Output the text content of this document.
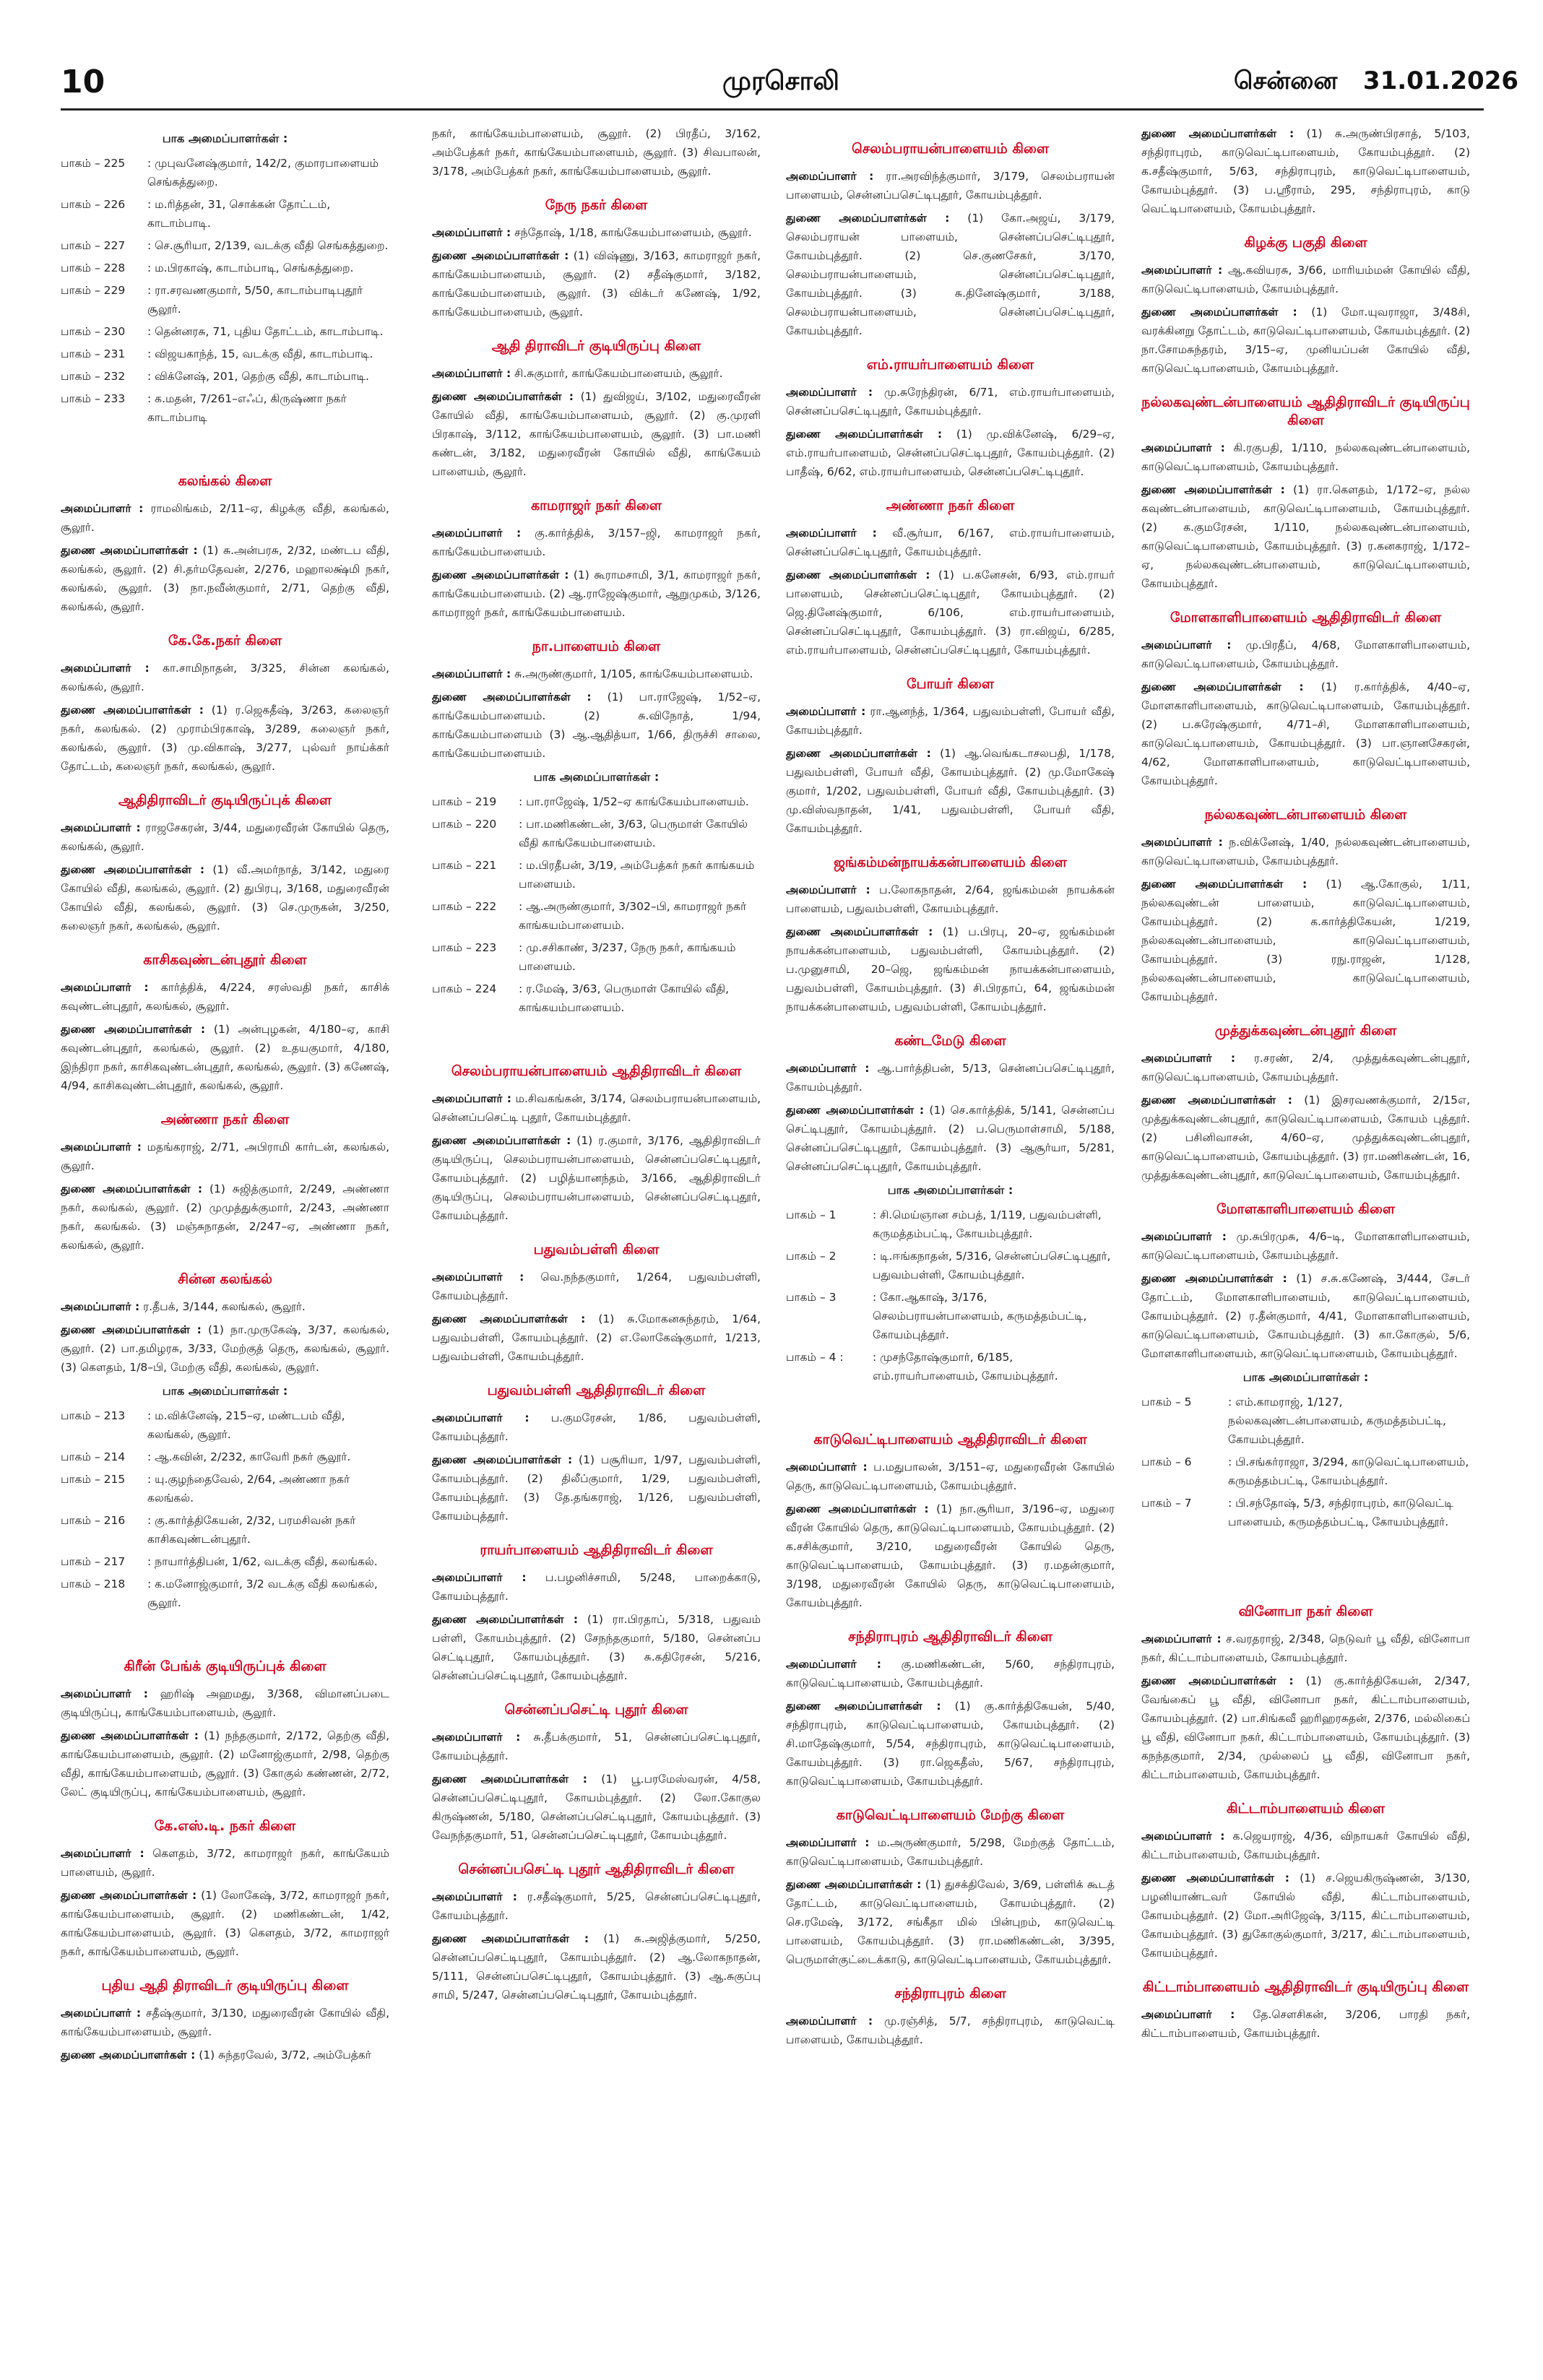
10	முரசொலி	சென்னை 31.01.2026
பாக அமைப்பாளர்கள் :
பாகம் – 225	: முபுவனேஷ்குமார், 142/2, குமாரபாளையம் செங்கத்துறை.
பாகம் – 226	: ம.ரித்தன், 31, சொக்கன் தோட்டம், காடாம்பாடி.
பாகம் – 227	: செ.சூரியா, 2/139, வடக்கு வீதி செங்கத்துறை.
பாகம் – 228	: ம.பிரகாஷ், காடாம்பாடி, செங்கத்துறை.
பாகம் – 229	: ரா.சரவணகுமார், 5/50, காடாம்பாடிபுதூர் சூலூர்.
பாகம் – 230	: தென்னரசு, 71, புதிய தோட்டம், காடாம்பாடி.
பாகம் – 231	: விஜயகாந்த், 15, வடக்கு வீதி, காடாம்பாடி.
பாகம் – 232	: விக்னேஷ், 201, தெற்கு வீதி, காடாம்பாடி.
பாகம் – 233	: க.மதன், 7/261–எஃப், கிருஷ்ணா நகர் காடாம்பாடி
கலங்கல் கிளை

அமைப்பாளர் : ராமலிங்கம், 2/11–ஏ, கிழக்கு வீதி, கலங்கல், சூலூர்.

துணை அமைப்பாளர்கள் : (1) சு.அன்பரசு, 2/32, மண்டப வீதி, கலங்கல், சூலூர். (2) சி.தர்மதேவன், 2/276, மஹாலக்ஷ்மி நகர், கலங்கல், சூலூர். (3) நா.நவீன்குமார், 2/71, தெற்கு வீதி, கலங்கல், சூலூர்.

கே.கே.நகர் கிளை

அமைப்பாளர் : கா.சாமிநாதன், 3/325, சின்ன கலங்கல், கலங்கல், சூலூர்.

துணை அமைப்பாளர்கள் : (1) ர.ஜெகதீஷ், 3/263, கலைஞர் நகர், கலங்கல். (2) முராம்பிரகாஷ், 3/289, கலைஞர் நகர், கலங்கல், சூலூர். (3) மு.விகாஷ், 3/277, புல்வர் நாய்க்கர் தோட்டம், கலைஞர் நகர், கலங்கல், சூலூர்.

ஆதிதிராவிடர் குடியிருப்புக் கிளை

அமைப்பாளர் : ராஜசேகரன், 3/44, மதுரைவீரன் கோயில் தெரு, கலங்கல், சூலூர்.

துணை அமைப்பாளர்கள் : (1) வீ.அமர்நாத், 3/142, மதுரை கோயில் வீதி, கலங்கல், சூலூர். (2) துபிரபு, 3/168, மதுரைவீரன் கோயில் வீதி, கலங்கல், சூலூர். (3) செ.முருகன், 3/250, கலைஞர் நகர், கலங்கல், சூலூர்.

காசிகவுண்டன்புதூர் கிளை

அமைப்பாளர் : கார்த்திக், 4/224, சரஸ்வதி நகர், காசிக் கவுண்டன்புதூர், கலங்கல், சூலூர்.

துணை அமைப்பாளர்கள் : (1) அன்புழகன், 4/180–ஏ, காசி கவுண்டன்புதூர், கலங்கல், சூலூர். (2) உதயகுமார், 4/180, இந்திரா நகர், காசிகவுண்டன்புதூர், கலங்கல், சூலூர். (3) கணேஷ், 4/94, காசிகவுண்டன்புதூர், கலங்கல், சூலூர்.

அண்ணா நகர் கிளை

அமைப்பாளர் : மதங்கராஜ், 2/71, அபிராமி கார்டன், கலங்கல், சூலூர்.

துணை அமைப்பாளர்கள் : (1) சுஜித்குமார், 2/249, அண்ணா நகர், கலங்கல், சூலூர். (2) முமுத்துக்குமார், 2/243, அண்ணா நகர், கலங்கல். (3) மஞ்சுநாதன், 2/247–ஏ, அண்ணா நகர், கலங்கல், சூலூர்.

சின்ன கலங்கல்

அமைப்பாளர் : ர.தீபக், 3/144, கலங்கல், சூலூர்.

துணை அமைப்பாளர்கள் : (1) நா.முருகேஷ், 3/37, கலங்கல், சூலூர். (2) பா.தமிழரசு, 3/33, மேற்குத் தெரு, கலங்கல், சூலூர். (3) கௌதம், 1/8–பி, மேற்கு வீதி, கலங்கல், சூலூர்.

பாக அமைப்பாளர்கள் :
பாகம் – 213	: ம.விக்னேஷ், 215–ஏ, மண்டபம் வீதி, கலங்கல், சூலூர்.
பாகம் – 214	: ஆ.கவின், 2/232, காவேரி நகர் சூலூர்.
பாகம் – 215	: யு.குழந்தைவேல், 2/64, அண்ணா நகர் கலங்கல்.
பாகம் – 216	: கு.கார்த்திகேயன், 2/32, பரமசிவன் நகர் காசிகவுண்டன்புதூர்.
பாகம் – 217	: நாயார்த்திபன், 1/62, வடக்கு வீதி, கலங்கல்.
பாகம் – 218	: க.மனோஜ்குமார், 3/2 வடக்கு வீதி கலங்கல், சூலூர்.
கிரீன் பேங்க் குடியிருப்புக் கிளை

அமைப்பாளர் : ஹரிஷ் அஹமது, 3/368, விமானப்படை குடியிருப்பு, காங்கேயம்பாளையம், சூலூர்.

துணை அமைப்பாளர்கள் : (1) நந்தகுமார், 2/172, தெற்கு வீதி, காங்கேயம்பாளையம், சூலூர். (2) மனோஜ்குமார், 2/98, தெற்கு வீதி, காங்கேயம்பாளையம், சூலூர். (3) கோகுல் கண்ணன், 2/72, லேட் குடியிருப்பு, காங்கேயம்பாளையம், சூலூர்.

கே.எஸ்.டி. நகர் கிளை

அமைப்பாளர் : கௌதம், 3/72, காமராஜர் நகர், காங்கேயம் பாளையம், சூலூர்.

துணை அமைப்பாளர்கள் : (1) லோகேஷ், 3/72, காமராஜர் நகர், காங்கேயம்பாளையம், சூலூர். (2) மணிகண்டன், 1/42, காங்கேயம்பாளையம், சூலூர். (3) கௌதம், 3/72, காமராஜர் நகர், காங்கேயம்பாளையம், சூலூர்.

புதிய ஆதி திராவிடர் குடியிருப்பு கிளை

அமைப்பாளர் : சதீஷ்குமார், 3/130, மதுரைவீரன் கோயில் வீதி, காங்கேயம்பாளையம், சூலூர்.

துணை அமைப்பாளர்கள் : (1) சுந்தரவேல், 3/72, அம்பேத்கர்

நகர், காங்கேயம்பாளையம், சூலூர். (2) பிரதீப், 3/162, அம்பேத்கர் நகர், காங்கேயம்பாளையம், சூலூர். (3) சிவபாலன், 3/178, அம்பேத்கர் நகர், காங்கேயம்பாளையம், சூலூர்.

நேரு நகர் கிளை

அமைப்பாளர் : சந்தோஷ், 1/18, காங்கேயம்பாளையம், சூலூர்.

துணை அமைப்பாளர்கள் : (1) விஷ்ணு, 3/163, காமராஜர் நகர், காங்கேயம்பாளையம், சூலூர். (2) சதீஷ்குமார், 3/182, காங்கேயம்பாளையம், சூலூர். (3) விக்டர் கணேஷ், 1/92, காங்கேயம்பாளையம், சூலூர்.

ஆதி திராவிடர் குடியிருப்பு கிளை

அமைப்பாளர் : சி.சுகுமார், காங்கேயம்பாளையம், சூலூர்.

துணை அமைப்பாளர்கள் : (1) துவிஜய், 3/102, மதுரைவீரன் கோயில் வீதி, காங்கேயம்பாளையம், சூலூர். (2) கு.முரளி பிரகாஷ், 3/112, காங்கேயம்பாளையம், சூலூர். (3) பா.மணி கண்டன், 3/182, மதுரைவீரன் கோயில் வீதி, காங்கேயம் பாளையம், சூலூர்.

காமராஜர் நகர் கிளை

அமைப்பாளர் : கு.கார்த்திக், 3/157–ஜி, காமராஜர் நகர், காங்கேயம்பாளையம்.

துணை அமைப்பாளர்கள் : (1) கூராமசாமி, 3/1, காமராஜர் நகர், காங்கேயம்பாளையம். (2) ஆ.ராஜேஷ்குமார், ஆறுமுகம், 3/126, காமராஜர் நகர், காங்கேயம்பாளையம்.

நா.பாளையம் கிளை

அமைப்பாளர் : சு.அருண்குமார், 1/105, காங்கேயம்பாளையம்.

துணை அமைப்பாளர்கள் : (1) பா.ராஜேஷ், 1/52–ஏ, காங்கேயம்பாளையம். (2) சு.விநோத், 1/94, காங்கேயம்பாளையம் (3) ஆ.ஆதித்யா, 1/66, திருச்சி சாலை, காங்கேயம்பாளையம்.

பாக அமைப்பாளர்கள் :
பாகம் – 219	: பா.ராஜேஷ், 1/52–ஏ காங்கேயம்பாளையம்.
பாகம் – 220	: பா.மணிகண்டன், 3/63, பெருமாள் கோயில் வீதி காங்கேயம்பாளையம்.
பாகம் – 221	: ம.பிரதீபன், 3/19, அம்பேத்கர் நகர் காங்கயம் பாளையம்.
பாகம் – 222	: ஆ.அருண்குமார், 3/302–பி, காமராஜர் நகர் காங்கயம்பாளையம்.
பாகம் – 223	: மு.சசிகாண், 3/237, நேரு நகர், காங்கயம் பாளையம்.
பாகம் – 224	: ர.மேஷ், 3/63, பெருமாள் கோயில் வீதி, காங்கயம்பாளையம்.
செலம்பராயன்பாளையம் ஆதிதிராவிடர் கிளை

அமைப்பாளர் : ம.சிவகங்கன், 3/174, செலம்பராயன்பாளையம், சென்னப்பசெட்டி புதூர், கோயம்புத்தூர்.

துணை அமைப்பாளர்கள் : (1) ர.குமார், 3/176, ஆதிதிராவிடர் குடியிருப்பு, செலம்பராயன்பாளையம், சென்னப்பசெட்டிபுதூர், கோயம்புத்தூர். (2) பழித்யானந்தம், 3/166, ஆதிதிராவிடர் குடியிருப்பு, செலம்பராயன்பாளையம், சென்னப்பசெட்டிபுதூர், கோயம்புத்தூர்.

பதுவம்பள்ளி கிளை

அமைப்பாளர் : வெ.நந்தகுமார், 1/264, பதுவம்பள்ளி, கோயம்புத்தூர்.

துணை அமைப்பாளர்கள் : (1) சு.மோகனசுந்தரம், 1/64, பதுவம்பள்ளி, கோயம்புத்தூர். (2) எ.லோகேஷ்குமார், 1/213, பதுவம்பள்ளி, கோயம்புத்தூர்.

பதுவம்பள்ளி ஆதிதிராவிடர் கிளை

அமைப்பாளர் : ப.குமரேசன், 1/86, பதுவம்பள்ளி, கோயம்புத்தூர்.

துணை அமைப்பாளர்கள் : (1) பசூரியா, 1/97, பதுவம்பள்ளி, கோயம்புத்தூர். (2) திலீப்குமார், 1/29, பதுவம்பள்ளி, கோயம்புத்தூர். (3) தே.தங்கராஜ், 1/126, பதுவம்பள்ளி, கோயம்புத்தூர்.

ராயர்பாளையம் ஆதிதிராவிடர் கிளை

அமைப்பாளர் : ப.பழனிச்சாமி, 5/248, பாறைக்காடு, கோயம்புத்தூர்.

துணை அமைப்பாளர்கள் : (1) ரா.பிரதாப், 5/318, பதுவம் பள்ளி, கோயம்புத்தூர். (2) சேநந்தகுமார், 5/180, சென்னப்ப செட்டிபுதூர், கோயம்புத்தூர். (3) சு.கதிரேசன், 5/216, சென்னப்பசெட்டிபுதூர், கோயம்புத்தூர்.

சென்னப்பசெட்டி புதூர் கிளை

அமைப்பாளர் : சு.தீபக்குமார், 51, சென்னப்பசெட்டிபுதூர், கோயம்புத்தூர்.

துணை அமைப்பாளர்கள் : (1) பூ.பரமேஸ்வரன், 4/58, சென்னப்பசெட்டிபுதூர், கோயம்புத்தூர். (2) லோ.கோகுல கிருஷ்ணன், 5/180, சென்னப்பசெட்டிபுதூர், கோயம்புத்தூர். (3) வேநந்தகுமார், 51, சென்னப்பசெட்டிபுதூர், கோயம்புத்தூர்.

சென்னப்பசெட்டி புதூர் ஆதிதிராவிடர் கிளை

அமைப்பாளர் : ர.சதீஷ்குமார், 5/25, சென்னப்பசெட்டிபுதூர், கோயம்புத்தூர்.

துணை அமைப்பாளர்கள் : (1) சு.அஜித்குமார், 5/250, சென்னப்பசெட்டிபுதூர், கோயம்புத்தூர். (2) ஆ.லோகநாதன், 5/111, சென்னப்பசெட்டிபுதூர், கோயம்புத்தூர். (3) ஆ.சுகுப்பு சாமி, 5/247, சென்னப்பசெட்டிபுதூர், கோயம்புத்தூர்.

செலம்பராயன்பாளையம் கிளை

அமைப்பாளர் : ரா.அரவிந்த்குமார், 3/179, செலம்பராயன் பாளையம், சென்னப்பசெட்டிபுதூர், கோயம்புத்தூர்.

துணை அமைப்பாளர்கள் : (1) கோ.அஜய், 3/179, செலம்பராயன் பாளையம், சென்னப்பசெட்டிபுதூர், கோயம்புத்தூர். (2) செ.குணசேகர், 3/170, செலம்பராயன்பாளையம், சென்னப்பசெட்டிபுதூர், கோயம்புத்தூர். (3) சு.தினேஷ்குமார், 3/188, செலம்பராயன்பாளையம், சென்னப்பசெட்டிபுதூர், கோயம்புத்தூர்.

எம்.ராயர்பாளையம் கிளை

அமைப்பாளர் : மு.சுரேந்திரன், 6/71, எம்.ராயர்பாளையம், சென்னப்பசெட்டிபுதூர், கோயம்புத்தூர்.

துணை அமைப்பாளர்கள் : (1) மு.விக்னேஷ், 6/29–ஏ, எம்.ராயர்பாளையம், சென்னப்பசெட்டிபுதூர், கோயம்புத்தூர். (2) பாதீஷ், 6/62, எம்.ராயர்பாளையம், சென்னப்பசெட்டிபுதூர்.

அண்ணா நகர் கிளை

அமைப்பாளர் : வீ.சூர்யா, 6/167, எம்.ராயர்பாளையம், சென்னப்பசெட்டிபுதூர், கோயம்புத்தூர்.

துணை அமைப்பாளர்கள் : (1) ப.கனேசன், 6/93, எம்.ராயர் பாளையம், சென்னப்பசெட்டிபுதூர், கோயம்புத்தூர். (2) ஜெ.தினேஷ்குமார், 6/106, எம்.ராயர்பாளையம், சென்னப்பசெட்டிபுதூர், கோயம்புத்தூர். (3) ரா.விஜய், 6/285, எம்.ராயர்பாளையம், சென்னப்பசெட்டிபுதூர், கோயம்புத்தூர்.

போயர் கிளை

அமைப்பாளர் : ரா.ஆனந்த், 1/364, பதுவம்பள்ளி, போயர் வீதி, கோயம்புத்தூர்.

துணை அமைப்பாளர்கள் : (1) ஆ.வெங்கடாசலபதி, 1/178, பதுவம்பள்ளி, போயர் வீதி, கோயம்புத்தூர். (2) மு.மோகேஷ் குமார், 1/202, பதுவம்பள்ளி, போயர் வீதி, கோயம்புத்தூர். (3) மு.விஸ்வநாதன், 1/41, பதுவம்பள்ளி, போயர் வீதி, கோயம்புத்தூர்.

ஜங்கம்மன்நாயக்கன்பாளையம் கிளை

அமைப்பாளர் : ப.லோகநாதன், 2/64, ஜங்கம்மன் நாயக்கன் பாளையம், பதுவம்பள்ளி, கோயம்புத்தூர்.

துணை அமைப்பாளர்கள் : (1) ப.பிரபு, 20–ஏ, ஜங்கம்மன் நாயக்கன்பாளையம், பதுவம்பள்ளி, கோயம்புத்தூர். (2) ப.முனுசாமி, 20–ஜெ, ஜங்கம்மன் நாயக்கன்பாளையம், பதுவம்பள்ளி, கோயம்புத்தூர். (3) சி.பிரதாப், 64, ஜங்கம்மன் நாயக்கன்பாளையம், பதுவம்பள்ளி, கோயம்புத்தூர்.

கண்டமேடு கிளை

அமைப்பாளர் : ஆ.பார்த்திபன், 5/13, சென்னப்பசெட்டிபுதூர், கோயம்புத்தூர்.

துணை அமைப்பாளர்கள் : (1) செ.கார்த்திக், 5/141, சென்னப்ப செட்டிபுதூர், கோயம்புத்தூர். (2) ப.பெருமாள்சாமி, 5/188, சென்னப்பசெட்டிபுதூர், கோயம்புத்தூர். (3) ஆசூர்யா, 5/281, சென்னப்பசெட்டிபுதூர், கோயம்புத்தூர்.

பாக அமைப்பாளர்கள் :
பாகம் – 1	: சி.மெய்ஞான சம்பத், 1/119, பதுவம்பள்ளி, கருமத்தம்பட்டி, கோயம்புத்தூர்.
பாகம் – 2	: டி.ஈங்கநாதன், 5/316, சென்னப்பசெட்டிபுதூர், பதுவம்பள்ளி, கோயம்புத்தூர்.
பாகம் – 3	: கோ.ஆகாஷ், 3/176, செலம்பராயன்பாளையம், கருமத்தம்பட்டி, கோயம்புத்தூர்.
பாகம் – 4 :	: முசந்தோஷ்குமார், 6/185, எம்.ராயர்பாளையம், கோயம்புத்தூர்.
காடுவெட்டிபாளையம் ஆதிதிராவிடர் கிளை

அமைப்பாளர் : ப.மதுபாலன், 3/151–ஏ, மதுரைவீரன் கோயில் தெரு, காடுவெட்டிபாளையம், கோயம்புத்தூர்.

துணை அமைப்பாளர்கள் : (1) நா.சூரியா, 3/196–ஏ, மதுரை வீரன் கோயில் தெரு, காடுவெட்டிபாளையம், கோயம்புத்தூர். (2) க.சசிக்குமார், 3/210, மதுரைவீரன் கோயில் தெரு, காடுவெட்டிபாளையம், கோயம்புத்தூர். (3) ர.மதன்குமார், 3/198, மதுரைவீரன் கோயில் தெரு, காடுவெட்டிபாளையம், கோயம்புத்தூர்.

சந்திராபுரம் ஆதிதிராவிடர் கிளை

அமைப்பாளர் : கு.மணிகண்டன், 5/60, சந்திராபுரம், காடுவெட்டிபாளையம், கோயம்புத்தூர்.

துணை அமைப்பாளர்கள் : (1) கு.கார்த்திகேயன், 5/40, சந்திராபுரம், காடுவெட்டிபாளையம், கோயம்புத்தூர். (2) சி.மாதேஷ்குமார், 5/54, சந்திராபுரம், காடுவெட்டிபாளையம், கோயம்புத்தூர். (3) ரா.ஜெகதீஸ், 5/67, சந்திராபுரம், காடுவெட்டிபாளையம், கோயம்புத்தூர்.

காடுவெட்டிபாளையம் மேற்கு கிளை

அமைப்பாளர் : ம.அருண்குமார், 5/298, மேற்குத் தோட்டம், காடுவெட்டிபாளையம், கோயம்புத்தூர்.

துணை அமைப்பாளர்கள் : (1) துசக்திவேல், 3/69, பள்ளிக் கூடத் தோட்டம், காடுவெட்டிபாளையம், கோயம்புத்தூர். (2) செ.ரமேஷ், 3/172, சங்கீதா மில் பின்புறம், காடுவெட்டி பாளையம், கோயம்புத்தூர். (3) ரா.மணிகண்டன், 3/395, பெருமாள்குட்டைக்காடு, காடுவெட்டிபாளையம், கோயம்புத்தூர்.

சந்திராபுரம் கிளை

அமைப்பாளர் : மு.ரஞ்சித், 5/7, சந்திராபுரம், காடுவெட்டி பாளையம், கோயம்புத்தூர்.

துணை அமைப்பாளர்கள் : (1) சு.அருண்பிரசாத், 5/103, சந்திராபுரம், காடுவெட்டிபாளையம், கோயம்புத்தூர். (2) க.சதீஷ்குமார், 5/63, சந்திராபுரம், காடுவெட்டிபாளையம், கோயம்புத்தூர். (3) ப.ஸ்ரீராம், 295, சந்திராபுரம், காடு வெட்டிபாளையம், கோயம்புத்தூர்.

கிழக்கு பகுதி கிளை

அமைப்பாளர் : ஆ.கவியரசு, 3/66, மாரியம்மன் கோயில் வீதி, காடுவெட்டிபாளையம், கோயம்புத்தூர்.

துணை அமைப்பாளர்கள் : (1) மோ.யுவராஜா, 3/48சி, வரக்கினறு தோட்டம், காடுவெட்டிபாளையம், கோயம்புத்தூர். (2) நா.சோமசுந்தரம், 3/15–ஏ, முனியப்பன் கோயில் வீதி, காடுவெட்டிபாளையம், கோயம்புத்தூர்.

நல்லகவுண்டன்பாளையம் ஆதிதிராவிடர் குடியிருப்பு கிளை

அமைப்பாளர் : கி.ரகுபதி, 1/110, நல்லகவுண்டன்பாளையம், காடுவெட்டிபாளையம், கோயம்புத்தூர்.

துணை அமைப்பாளர்கள் : (1) ரா.கௌதம், 1/172–ஏ, நல்ல கவுண்டன்பாளையம், காடுவெட்டிபாளையம், கோயம்புத்தூர். (2) க.குமரேசன், 1/110, நல்லகவுண்டன்பாளையம், காடுவெட்டிபாளையம், கோயம்புத்தூர். (3) ர.கனகராஜ், 1/172–ஏ, நல்லகவுண்டன்பாளையம், காடுவெட்டிபாளையம், கோயம்புத்தூர்.

மோளகாளிபாளையம் ஆதிதிராவிடர் கிளை

அமைப்பாளர் : மு.பிரதீப், 4/68, மோளகாளிபாளையம், காடுவெட்டிபாளையம், கோயம்புத்தூர்.

துணை அமைப்பாளர்கள் : (1) ர.கார்த்திக், 4/40–ஏ, மோளகாளிபாளையம், காடுவெட்டிபாளையம், கோயம்புத்தூர். (2) ப.சுரேஷ்குமார், 4/71–சி, மோளகாளிபாளையம், காடுவெட்டிபாளையம், கோயம்புத்தூர். (3) பா.ஞானசேகரன், 4/62, மோளகாளிபாளையம், காடுவெட்டிபாளையம், கோயம்புத்தூர்.

நல்லகவுண்டன்பாளையம் கிளை

அமைப்பாளர் : ந.விக்னேஷ், 1/40, நல்லகவுண்டன்பாளையம், காடுவெட்டிபாளையம், கோயம்புத்தூர்.

துணை அமைப்பாளர்கள் : (1) ஆ.கோகுல், 1/11, நல்லகவுண்டன் பாளையம், காடுவெட்டிபாளையம், கோயம்புத்தூர். (2) க.கார்த்திகேயன், 1/219, நல்லகவுண்டன்பாளையம், காடுவெட்டிபாளையம், கோயம்புத்தூர். (3) ரநு.ராஜன், 1/128, நல்லகவுண்டன்பாளையம், காடுவெட்டிபாளையம், கோயம்புத்தூர்.

முத்துக்கவுண்டன்புதூர் கிளை

அமைப்பாளர் : ர.சரண், 2/4, முத்துக்கவுண்டன்புதூர், காடுவெட்டிபாளையம், கோயம்புத்தூர்.

துணை அமைப்பாளர்கள் : (1) இசரவணக்குமார், 2/15எ, முத்துக்கவுண்டன்புதூர், காடுவெட்டிபாளையம், கோயம் புத்தூர். (2) பசினிவாசன், 4/60–ஏ, முத்துக்கவுண்டன்புதூர், காடுவெட்டிபாளையம், கோயம்புத்தூர். (3) ரா.மணிகண்டன், 16, முத்துக்கவுண்டன்புதூர், காடுவெட்டிபாளையம், கோயம்புத்தூர்.

மோளகாளிபாளையம் கிளை

அமைப்பாளர் : மு.சுபிரமுசு, 4/6–டி, மோளகாளிபாளையம், காடுவெட்டிபாளையம், கோயம்புத்தூர்.

துணை அமைப்பாளர்கள் : (1) ச.சு.கணேஷ், 3/444, சேடர் தோட்டம், மோளகாளிபாளையம், காடுவெட்டிபாளையம், கோயம்புத்தூர். (2) ர.தீன்குமார், 4/41, மோளகாளிபாளையம், காடுவெட்டிபாளையம், கோயம்புத்தூர். (3) கா.கோகுல், 5/6, மோளகாளிபாளையம், காடுவெட்டிபாளையம், கோயம்புத்தூர்.

பாக அமைப்பாளர்கள் :
பாகம் – 5	: எம்.காமராஜ், 1/127, நல்லகவுண்டன்பாளையம், கருமத்தம்பட்டி, கோயம்புத்தூர்.
பாகம் – 6	: பி.சங்கர்ராஜா, 3/294, காடுவெட்டிபாளையம், கருமத்தம்பட்டி, கோயம்புத்தூர்.
பாகம் – 7	: பி.சந்தோஷ், 5/3, சந்திராபுரம், காடுவெட்டி பாளையம், கருமத்தம்பட்டி, கோயம்புத்தூர்.
வினோபா நகர் கிளை

அமைப்பாளர் : ச.வரதராஜ், 2/348, நெடுவர் பூ வீதி, வினோபா நகர், கிட்டாம்பாளையம், கோயம்புத்தூர்.

துணை அமைப்பாளர்கள் : (1) கு.கார்த்திகேயன், 2/347, வேங்கைப் பூ வீதி, வினோபா நகர், கிட்டாம்பாளையம், கோயம்புத்தூர். (2) பா.சிங்கவீ ஹரிஹரசுதன், 2/376, மல்லிகைப் பூ வீதி, வினோபா நகர், கிட்டாம்பாளையம், கோயம்புத்தூர். (3) கநந்தகுமார், 2/34, முல்லைப் பூ வீதி, வினோபா நகர், கிட்டாம்பாளையம், கோயம்புத்தூர்.

கிட்டாம்பாளையம் கிளை

அமைப்பாளர் : க.ஜெயராஜ், 4/36, விநாயகர் கோயில் வீதி, கிட்டாம்பாளையம், கோயம்புத்தூர்.

துணை அமைப்பாளர்கள் : (1) ச.ஜெயகிருஷ்ணன், 3/130, பழனியாண்டவர் கோயில் வீதி, கிட்டாம்பாளையம், கோயம்புத்தூர். (2) மோ.அரிஜேஷ், 3/115, கிட்டாம்பாளையம், கோயம்புத்தூர். (3) துகோகுல்குமார், 3/217, கிட்டாம்பாளையம், கோயம்புத்தூர்.

கிட்டாம்பாளையம் ஆதிதிராவிடர் குடியிருப்பு கிளை

அமைப்பாளர் : தே.சௌசிகன், 3/206, பாரதி நகர், கிட்டாம்பாளையம், கோயம்புத்தூர்.
